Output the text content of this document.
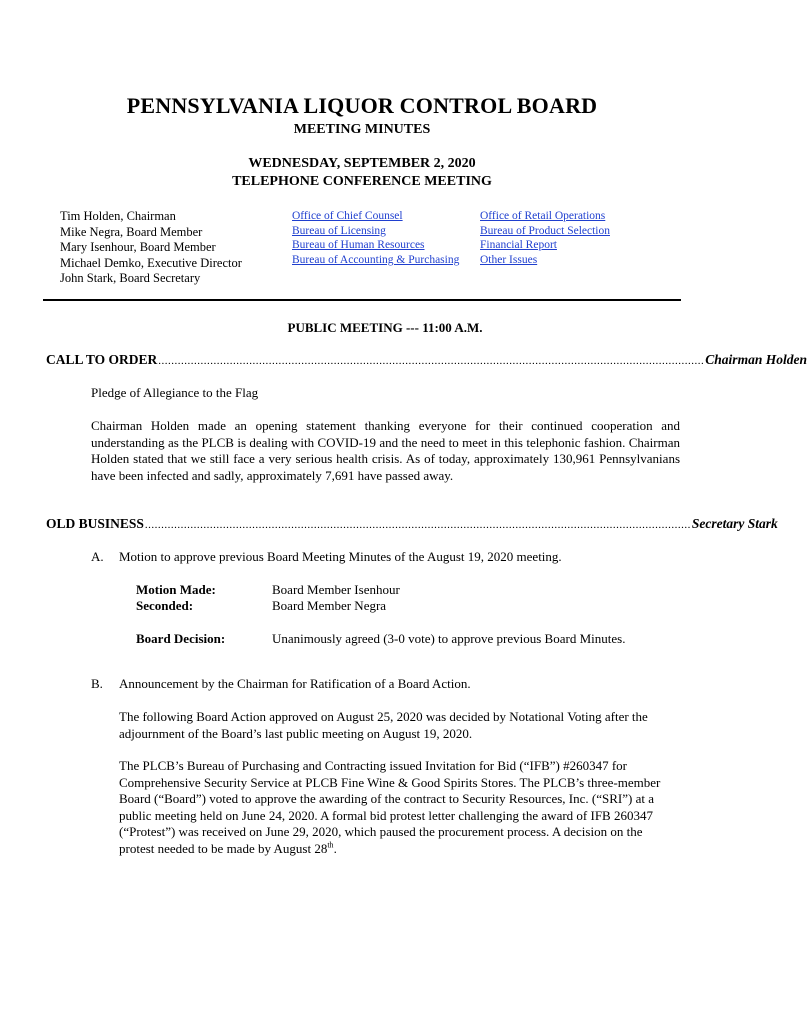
PENNSYLVANIA LIQUOR CONTROL BOARD
MEETING MINUTES
WEDNESDAY, SEPTEMBER 2, 2020
TELEPHONE CONFERENCE MEETING
Tim Holden, Chairman
Mike Negra, Board Member
Mary Isenhour, Board Member
Michael Demko, Executive Director
John Stark, Board Secretary
Office of Chief Counsel
Bureau of Licensing
Bureau of Human Resources
Bureau of Accounting & Purchasing
Office of Retail Operations
Bureau of Product Selection
Financial Report
Other Issues
PUBLIC MEETING --- 11:00 A.M.
CALL TO ORDER ........................................................................................................................................................................ Chairman Holden
Pledge of Allegiance to the Flag
Chairman Holden made an opening statement thanking everyone for their continued cooperation and understanding as the PLCB is dealing with COVID-19 and the need to meet in this telephonic fashion. Chairman Holden stated that we still face a very serious health crisis. As of today, approximately 130,961 Pennsylvanians have been infected and sadly, approximately 7,691 have passed away.
OLD BUSINESS ........................................................................................................................................................................ Secretary Stark
A. Motion to approve previous Board Meeting Minutes of the August 19, 2020 meeting.
Motion Made:	Board Member Isenhour
Seconded:	Board Member Negra
Board Decision:	Unanimously agreed (3-0 vote) to approve previous Board Minutes.
B. Announcement by the Chairman for Ratification of a Board Action.
The following Board Action approved on August 25, 2020 was decided by Notational Voting after the adjournment of the Board’s last public meeting on August 19, 2020.
The PLCB’s Bureau of Purchasing and Contracting issued Invitation for Bid (“IFB”) #260347 for Comprehensive Security Service at PLCB Fine Wine & Good Spirits Stores. The PLCB’s three-member Board (“Board”) voted to approve the awarding of the contract to Security Resources, Inc. (“SRI”) at a public meeting held on June 24, 2020. A formal bid protest letter challenging the award of IFB 260347 (“Protest”) was received on June 29, 2020, which paused the procurement process. A decision on the protest needed to be made by August 28th.
